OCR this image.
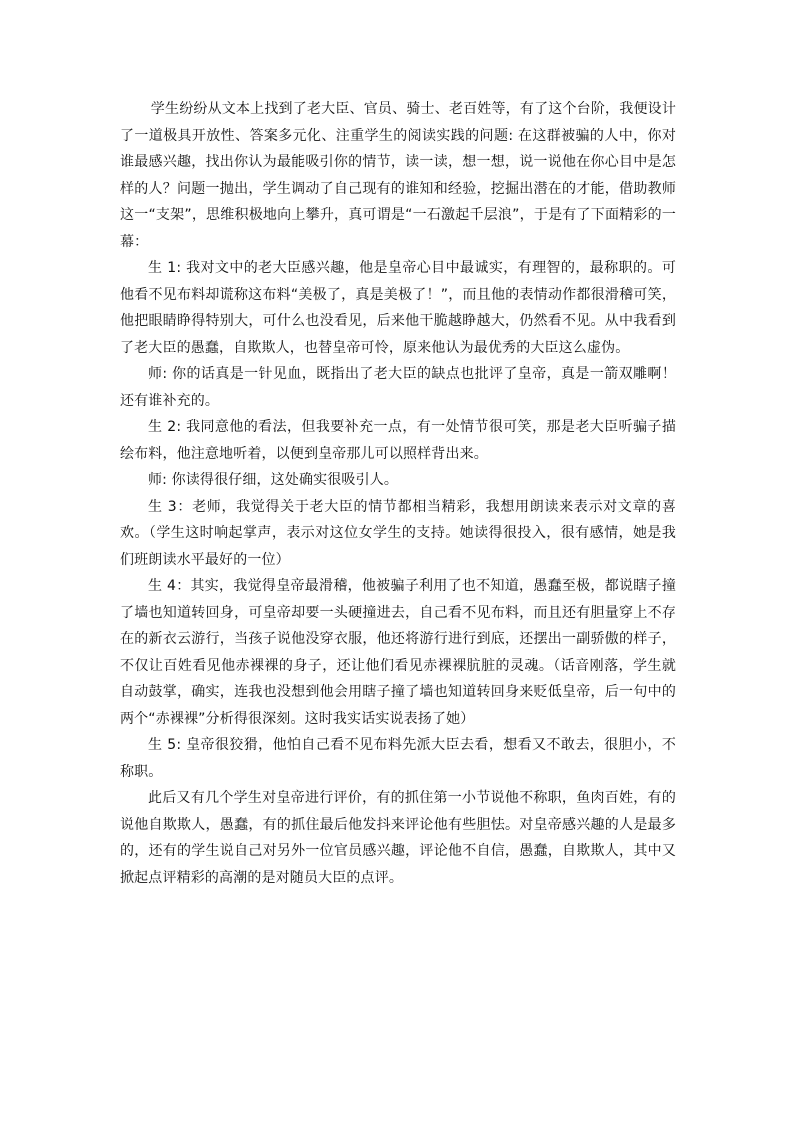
学生纷纷从文本上找到了老大臣、官员、骑士、老百姓等，有了这个台阶，我便设计了一道极具开放性、答案多元化、注重学生的阅读实践的问题: 在这群被骗的人中，你对谁最感兴趣，找出你认为最能吸引你的情节，读一读，想一想，说一说他在你心目中是怎样的人？问题一抛出，学生调动了自己现有的谁知和经验，挖掘出潜在的才能，借助教师这一“支架”，思维积极地向上攀升，真可谓是“一石激起千层浪”，于是有了下面精彩的一幕：

生 1: 我对文中的老大臣感兴趣，他是皇帝心目中最诚实，有理智的，最称职的。可他看不见布料却谎称这布料“美极了，真是美极了！”，而且他的表情动作都很滑稽可笑，他把眼睛睁得特别大，可什么也没看见，后来他干脆越睁越大，仍然看不见。从中我看到了老大臣的愚蠢，自欺欺人，也替皇帝可怜，原来他认为最优秀的大臣这么虚伪。

师: 你的话真是一针见血，既指出了老大臣的缺点也批评了皇帝，真是一箭双雕啊！还有谁补充的。

生 2: 我同意他的看法，但我要补充一点，有一处情节很可笑，那是老大臣听骗子描绘布料，他注意地听着，以便到皇帝那儿可以照样背出来。

师: 你读得很仔细，这处确实很吸引人。

生 3：老师，我觉得关于老大臣的情节都相当精彩，我想用朗读来表示对文章的喜欢。（学生这时响起掌声，表示对这位女学生的支持。她读得很投入，很有感情，她是我们班朗读水平最好的一位）

生 4：其实，我觉得皇帝最滑稽，他被骗子利用了也不知道，愚蠢至极，都说瞎子撞了墙也知道转回身，可皇帝却要一头硬撞进去，自己看不见布料，而且还有胆量穿上不存在的新衣云游行，当孩子说他没穿衣服，他还将游行进行到底，还摆出一副骄傲的样子，不仅让百姓看见他赤裸裸的身子，还让他们看见赤裸裸肮脏的灵魂。（话音刚落，学生就自动鼓掌，确实，连我也没想到他会用瞎子撞了墙也知道转回身来贬低皇帝，后一句中的两个“赤裸裸”分析得很深刻。这时我实话实说表扬了她）

生 5: 皇帝很狡猾，他怕自己看不见布料先派大臣去看，想看又不敢去，很胆小，不称职。

此后又有几个学生对皇帝进行评价，有的抓住第一小节说他不称职，鱼肉百姓，有的说他自欺欺人，愚蠢，有的抓住最后他发抖来评论他有些胆怯。对皇帝感兴趣的人是最多的，还有的学生说自己对另外一位官员感兴趣，评论他不自信，愚蠢，自欺欺人，其中又掀起点评精彩的高潮的是对随员大臣的点评。
